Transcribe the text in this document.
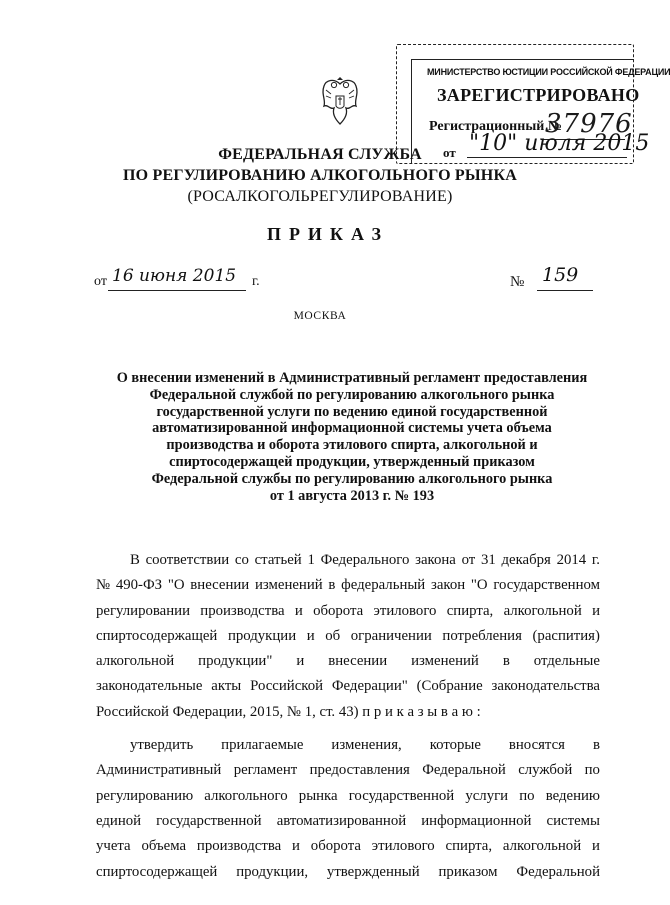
МИНИСТЕРСТВО ЮСТИЦИИ РОССИЙСКОЙ ФЕДЕРАЦИИ
ЗАРЕГИСТРИРОВАНО
Регистрационный №
37976
от "10" июля 2015
ФЕДЕРАЛЬНАЯ СЛУЖБА
ПО РЕГУЛИРОВАНИЮ АЛКОГОЛЬНОГО РЫНКА
(РОСАЛКОГОЛЬРЕГУЛИРОВАНИЕ)
ПРИКАЗ
от 16 июня 2015 г.	№ 159
МОСКВА
О внесении изменений в Административный регламент предоставления
Федеральной службой по регулированию алкогольного рынка
государственной услуги по ведению единой государственной
автоматизированной информационной системы учета объема
производства и оборота этилового спирта, алкогольной и
спиртосодержащей продукции, утвержденный приказом
Федеральной службы по регулированию алкогольного рынка
от 1 августа 2013 г. № 193
В соответствии со статьей 1 Федерального закона от 31 декабря 2014 г.
№ 490-ФЗ "О внесении изменений в федеральный закон "О государственном
регулировании производства и оборота этилового спирта, алкогольной и
спиртосодержащей продукции и об ограничении потребления (распития)
алкогольной продукции" и внесении изменений в отдельные
законодательные акты Российской Федерации" (Собрание законодательства
Российской Федерации, 2015, № 1, ст. 43) п р и к а з ы в а ю :
утвердить прилагаемые изменения, которые вносятся в
Административный регламент предоставления Федеральной службой по
регулированию алкогольного рынка государственной услуги по ведению
единой государственной автоматизированной информационной системы
учета объема производства и оборота этилового спирта, алкогольной и
спиртосодержащей продукции, утвержденный приказом Федеральной
